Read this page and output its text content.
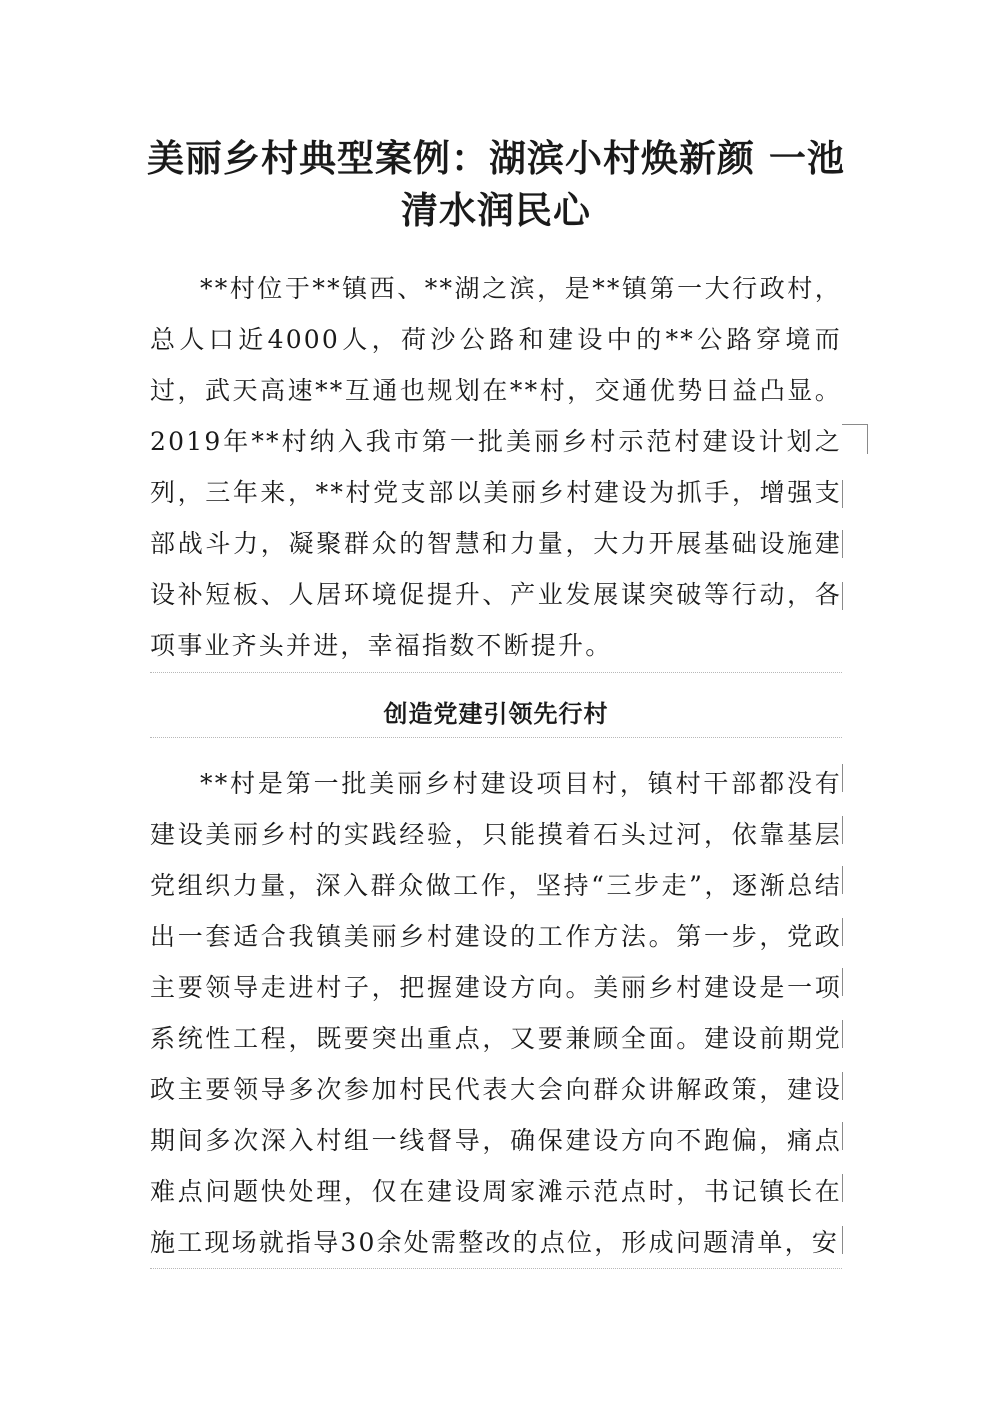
美丽乡村典型案例：湖滨小村焕新颜 一池清水润民心

**村位于**镇西、**湖之滨，是**镇第一大行政村，总人口近4000人，荷沙公路和建设中的**公路穿境而过，武天高速**互通也规划在**村，交通优势日益凸显。2019年**村纳入我市第一批美丽乡村示范村建设计划之列，三年来，**村党支部以美丽乡村建设为抓手，增强支部战斗力，凝聚群众的智慧和力量，大力开展基础设施建设补短板、人居环境促提升、产业发展谋突破等行动，各项事业齐头并进，幸福指数不断提升。

创造党建引领先行村

**村是第一批美丽乡村建设项目村，镇村干部都没有建设美丽乡村的实践经验，只能摸着石头过河，依靠基层党组织力量，深入群众做工作，坚持“三步走”，逐渐总结出一套适合我镇美丽乡村建设的工作方法。第一步，党政主要领导走进村子，把握建设方向。美丽乡村建设是一项系统性工程，既要突出重点，又要兼顾全面。建设前期党政主要领导多次参加村民代表大会向群众讲解政策，建设期间多次深入村组一线督导，确保建设方向不跑偏，痛点难点问题快处理，仅在建设周家滩示范点时，书记镇长在施工现场就指导30余处需整改的点位，形成问题清单，安
